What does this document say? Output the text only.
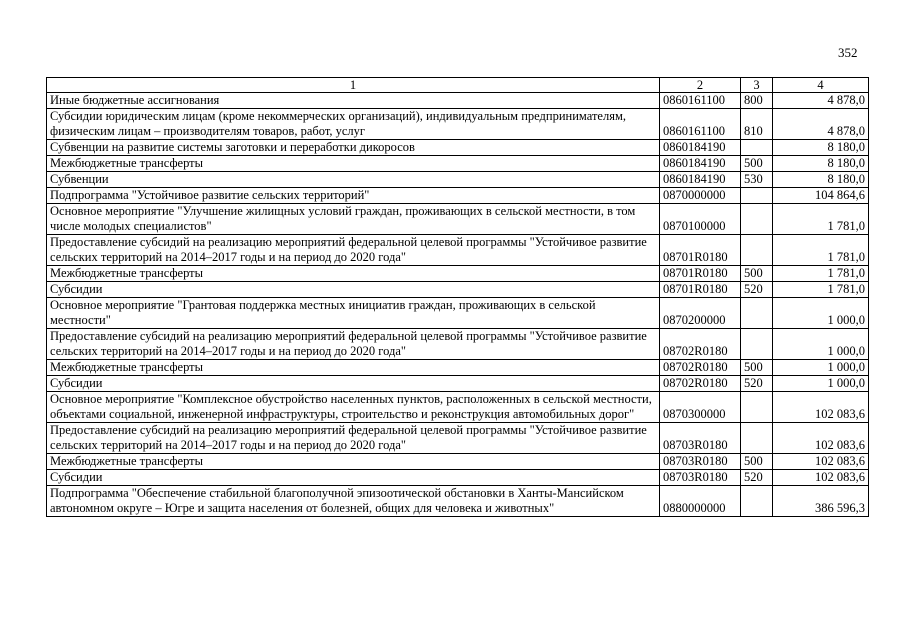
352
1	2	3	4
Иные бюджетные ассигнования	0860161100	800	4 878,0
Субсидии юридическим лицам (кроме некоммерческих организаций), индивидуальным предпринимателям, физическим лицам – производителям товаров, работ, услуг	0860161100	810	4 878,0
Субвенции на развитие системы заготовки и переработки дикоросов	0860184190		8 180,0
Межбюджетные трансферты	0860184190	500	8 180,0
Субвенции	0860184190	530	8 180,0
Подпрограмма "Устойчивое развитие сельских территорий"	0870000000		104 864,6
Основное мероприятие "Улучшение жилищных условий граждан, проживающих в сельской местности, в том числе молодых специалистов"	0870100000		1 781,0
Предоставление субсидий на реализацию мероприятий федеральной целевой программы "Устойчивое развитие сельских территорий на 2014–2017 годы и на период до 2020 года"	08701R0180		1 781,0
Межбюджетные трансферты	08701R0180	500	1 781,0
Субсидии	08701R0180	520	1 781,0
Основное мероприятие "Грантовая поддержка местных инициатив граждан, проживающих в сельской местности"	0870200000		1 000,0
Предоставление субсидий на реализацию мероприятий федеральной целевой программы "Устойчивое развитие сельских территорий на 2014–2017 годы и на период до 2020 года"	08702R0180		1 000,0
Межбюджетные трансферты	08702R0180	500	1 000,0
Субсидии	08702R0180	520	1 000,0
Основное мероприятие "Комплексное обустройство населенных пунктов, расположенных в сельской местности, объектами социальной, инженерной инфраструктуры, строительство и реконструкция автомобильных дорог"	0870300000		102 083,6
Предоставление субсидий на реализацию мероприятий федеральной целевой программы "Устойчивое развитие сельских территорий на 2014–2017 годы и на период до 2020 года"	08703R0180		102 083,6
Межбюджетные трансферты	08703R0180	500	102 083,6
Субсидии	08703R0180	520	102 083,6
Подпрограмма "Обеспечение стабильной благополучной эпизоотической обстановки в Ханты-Мансийском автономном округе – Югре и защита населения от болезней, общих для человека и животных"	0880000000		386 596,3
